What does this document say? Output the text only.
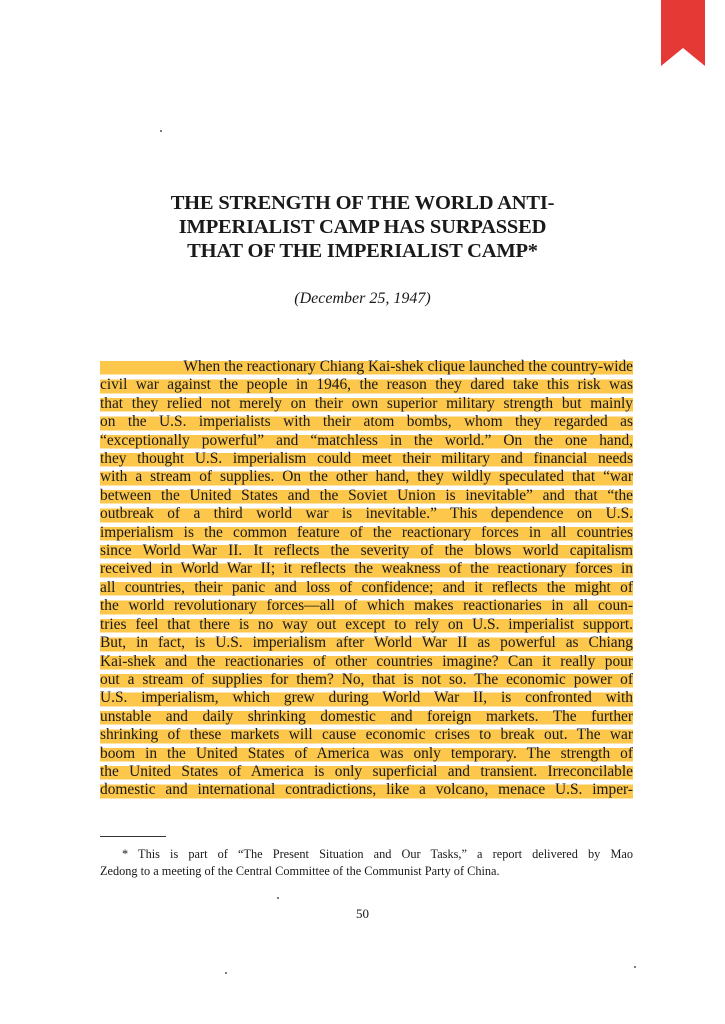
THE STRENGTH OF THE WORLD ANTI-
IMPERIALIST CAMP HAS SURPASSED
THAT OF THE IMPERIALIST CAMP*
(December 25, 1947)
When the reactionary Chiang Kai-shek clique launched the country-wide
civil war against the people in 1946, the reason they dared take this risk was
that they relied not merely on their own superior military strength but mainly
on the U.S. imperialists with their atom bombs, whom they regarded as
“exceptionally powerful” and “matchless in the world.” On the one hand,
they thought U.S. imperialism could meet their military and financial needs
with a stream of supplies. On the other hand, they wildly speculated that “war
between the United States and the Soviet Union is inevitable” and that “the
outbreak of a third world war is inevitable.” This dependence on U.S.
imperialism is the common feature of the reactionary forces in all countries
since World War II. It reflects the severity of the blows world capitalism
received in World War II; it reflects the weakness of the reactionary forces in
all countries, their panic and loss of confidence; and it reflects the might of
the world revolutionary forces—all of which makes reactionaries in all coun-
tries feel that there is no way out except to rely on U.S. imperialist support.
But, in fact, is U.S. imperialism after World War II as powerful as Chiang
Kai-shek and the reactionaries of other countries imagine? Can it really pour
out a stream of supplies for them? No, that is not so. The economic power of
U.S. imperialism, which grew during World War II, is confronted with
unstable and daily shrinking domestic and foreign markets. The further
shrinking of these markets will cause economic crises to break out. The war
boom in the United States of America was only temporary. The strength of
the United States of America is only superficial and transient. Irreconcilable
domestic and international contradictions, like a volcano, menace U.S. imper-
* This is part of “The Present Situation and Our Tasks,” a report delivered by Mao
Zedong to a meeting of the Central Committee of the Communist Party of China.
50
